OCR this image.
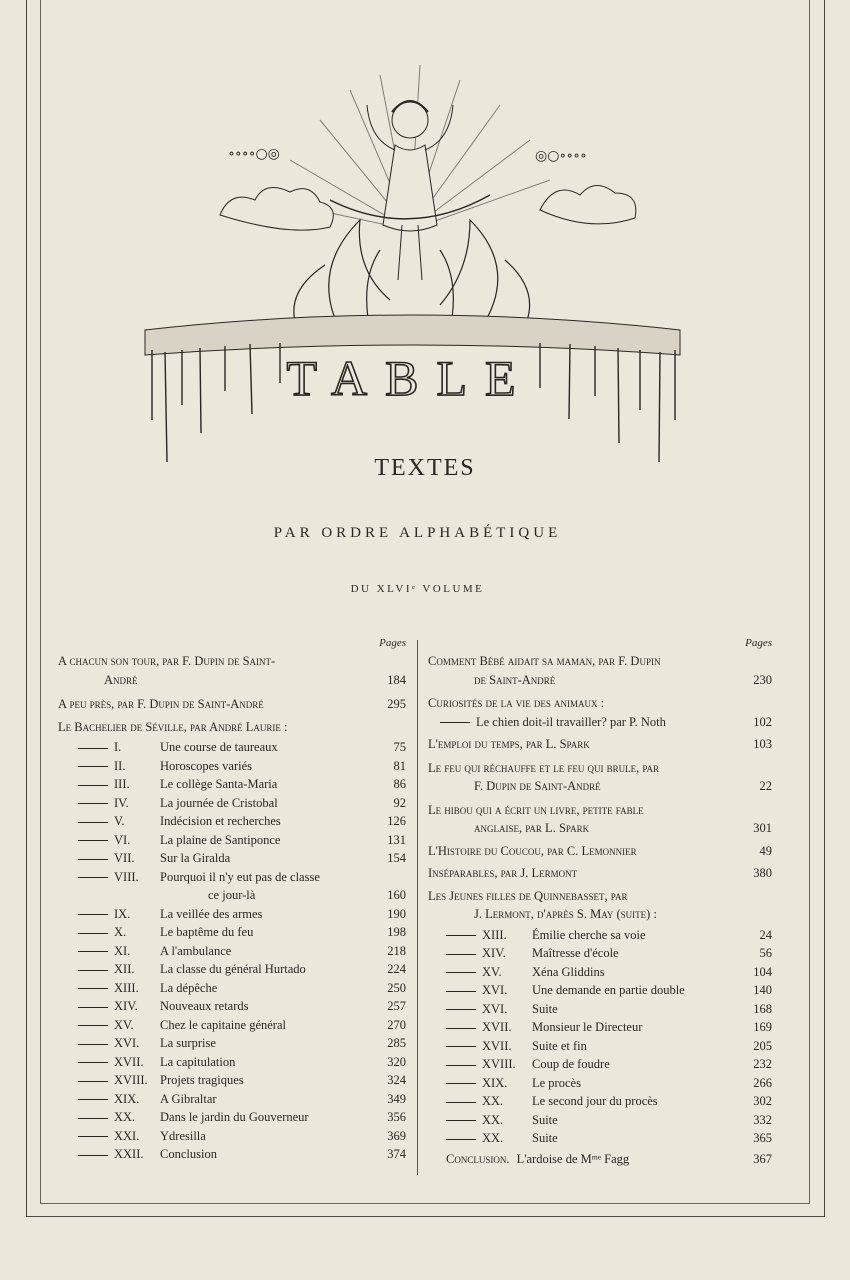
∘∘∘∘○◎	◎○∘∘∘∘
TABLE
TEXTES
PAR ORDRE ALPHABÉTIQUE
DU XLVIᵉ VOLUME
Pages
A chacun son tour, par F. Dupin de Saint-
André	184
A peu près, par F. Dupin de Saint-André	295
Le Bachelier de Séville, par André Laurie :
I.	Une course de taureaux	75
II.	Horoscopes variés	81
III. Le collège Santa-Maria	86
IV.	La journée de Cristobal	92
V.	Indécision et recherches	126
VI. La plaine de Santiponce	131
VII. Sur la Giralda	154
VIII. Pourquoi il n'y eut pas de classe
ce jour-là	160
IX. La veillée des armes	190
X.	Le baptême du feu	198
XI. A l'ambulance	218
XII. La classe du général Hurtado	224
XIII. La dépêche	250
XIV. Nouveaux retards	257
XV. Chez le capitaine général	270
XVI. La surprise	285
XVII. La capitulation	320
XVIII. Projets tragiques	324
XIX. A Gibraltar	349
XX. Dans le jardin du Gouverneur	356
XXI. Ydresilla	369
XXII. Conclusion	374
Pages
Comment Bébé aidait sa maman, par F. Dupin
de Saint-André	230
Curiosités de la vie des animaux :
Le chien doit-il travailler? par P. Noth	102
L'emploi du temps, par L. Spark	103
Le feu qui réchauffe et le feu qui brule, par
F. Dupin de Saint-André	22
Le hibou qui a écrit un livre, petite fable
anglaise, par L. Spark	301
L'Histoire du Coucou, par C. Lemonnier	49
Inséparables, par J. Lermont	380
Les Jeunes filles de Quinnebasset, par
J. Lermont, d'après S. May (suite) :
XIII. Émilie cherche sa voie	24
XIV. Maîtresse d'école	56
XV. Xéna Gliddins	104
XVI. Une demande en partie double	140
XVI. Suite	168
XVII. Monsieur le Directeur	169
XVII. Suite et fin	205
XVIII. Coup de foudre	232
XIX. Le procès	266
XX. Le second jour du procès	302
XX. Suite	332
XX. Suite	365
Conclusion. L'ardoise de Mᵐᵉ Fagg	367
